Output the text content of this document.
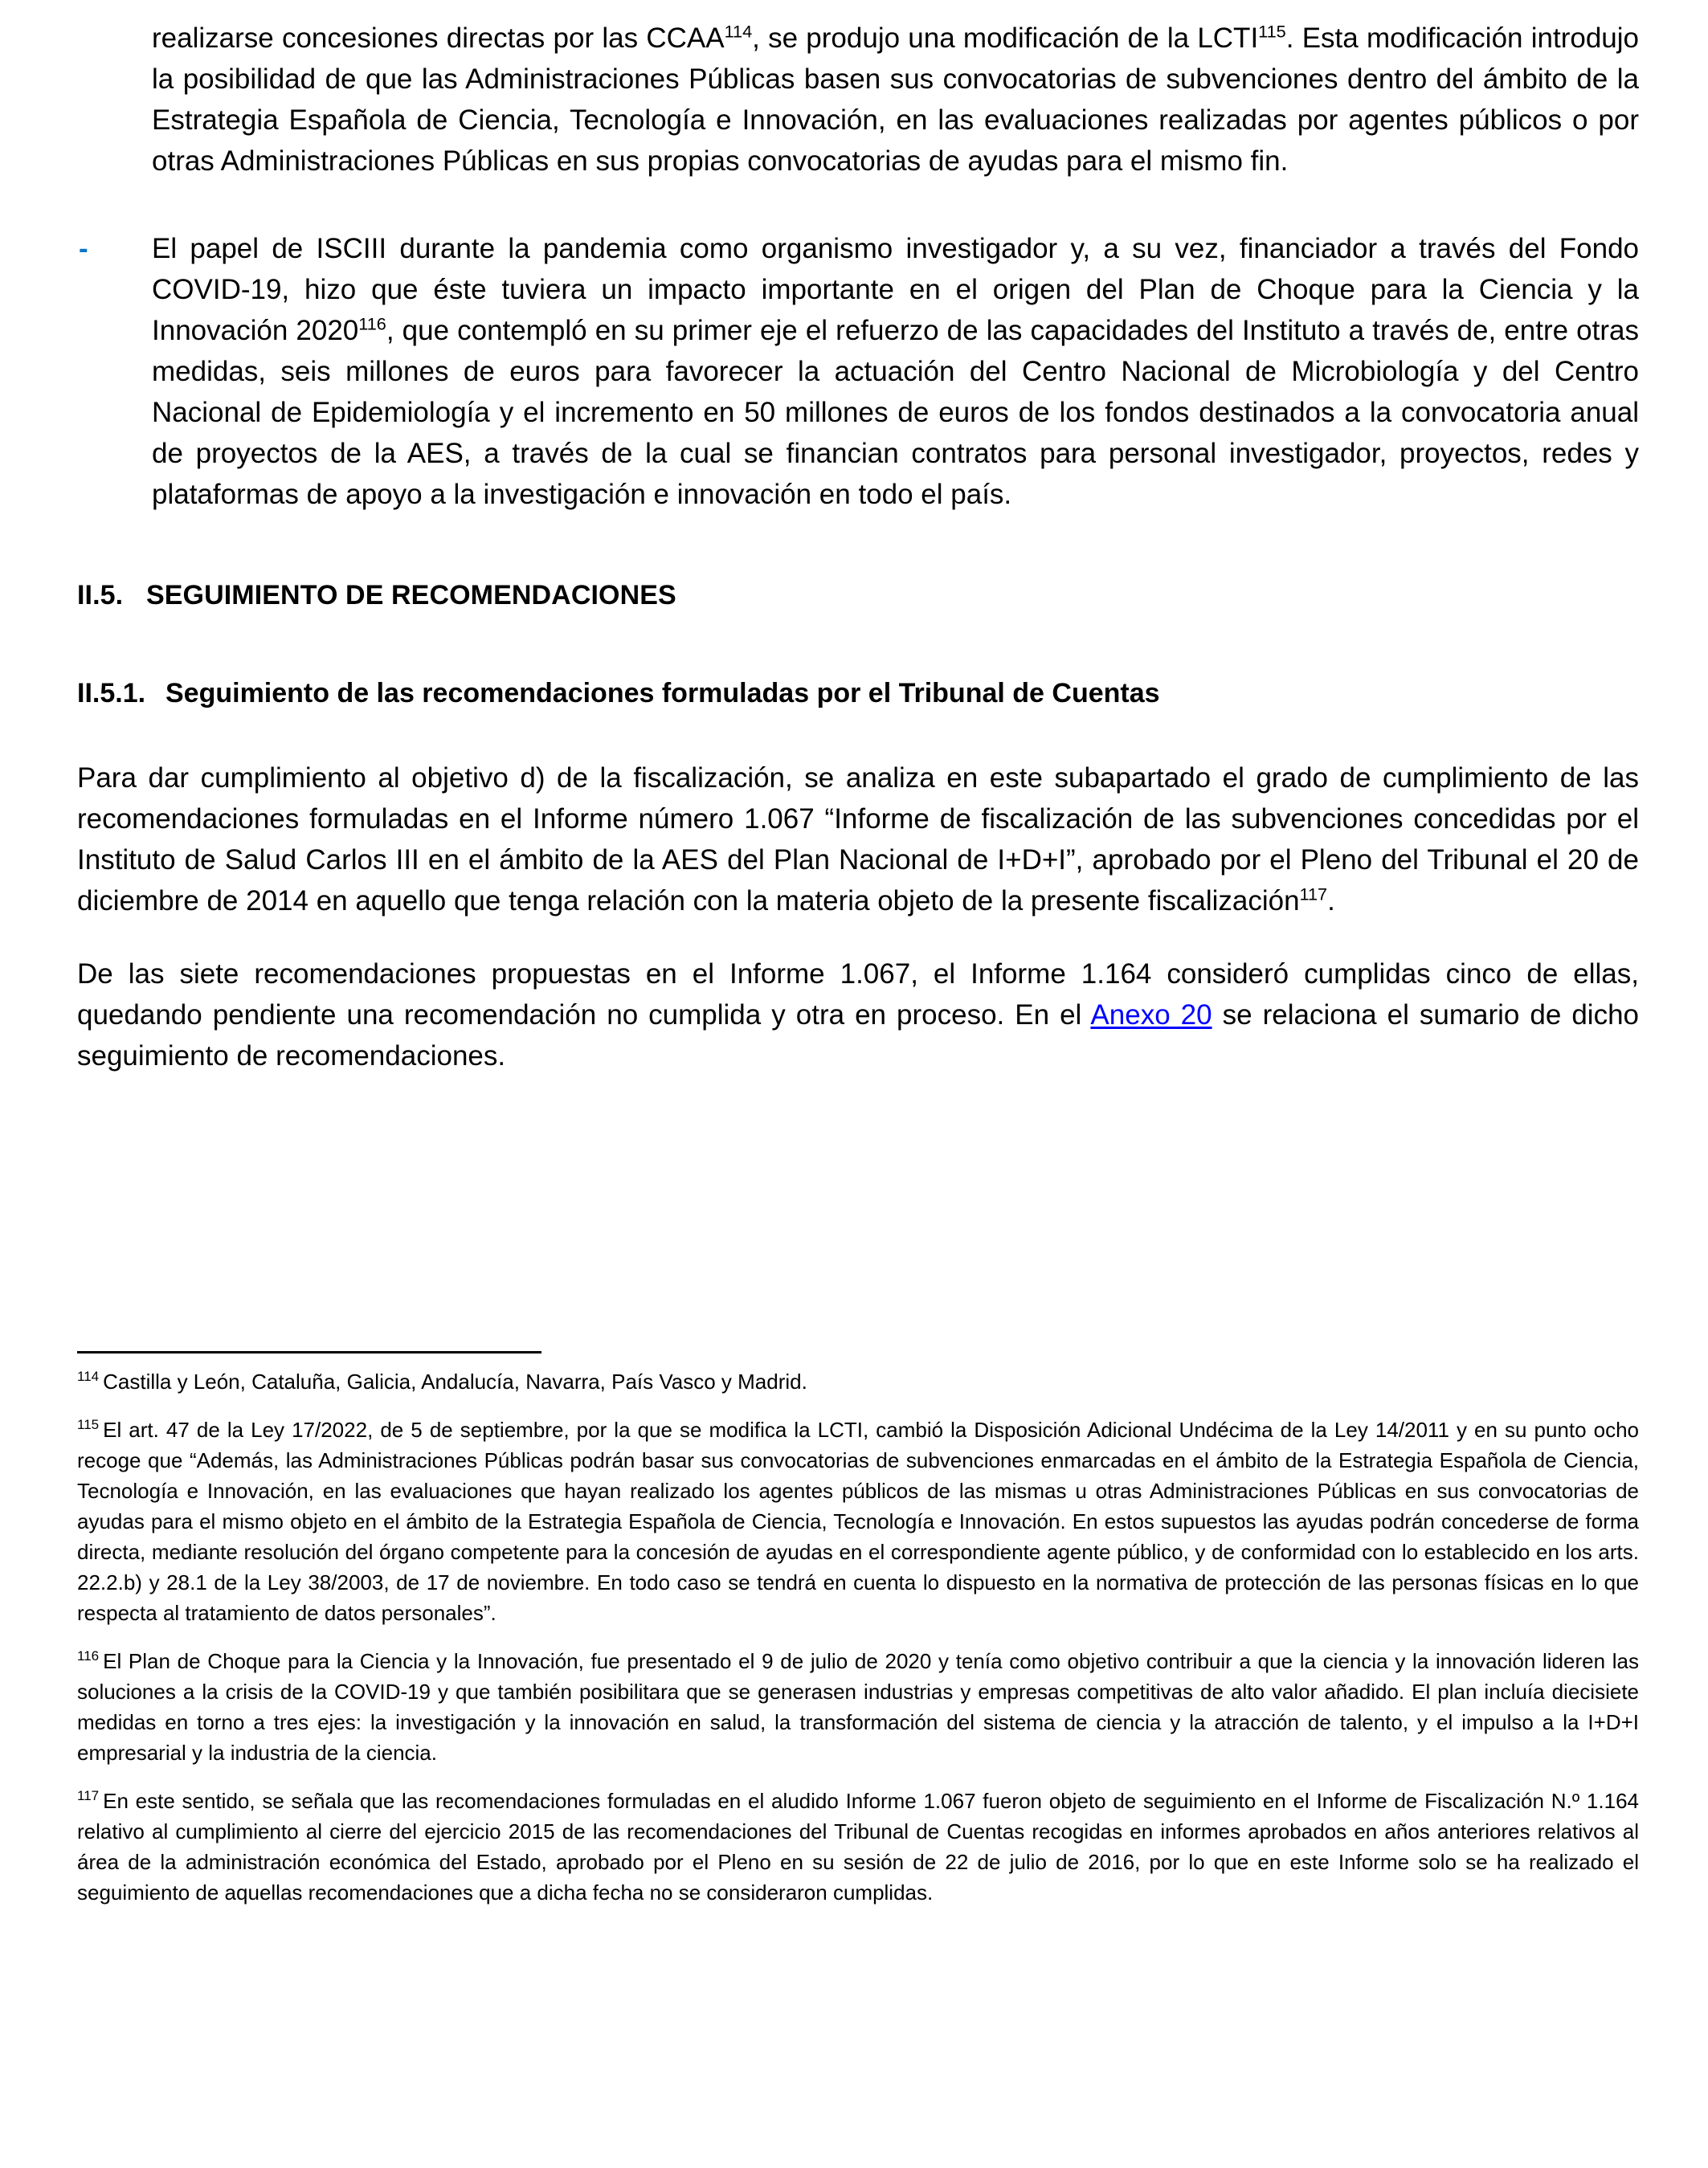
realizarse concesiones directas por las CCAA$^{114}$, se produjo una modificación de la LCTI$^{115}$. Esta modificación introdujo la posibilidad de que las Administraciones Públicas basen sus convocatorias de subvenciones dentro del ámbito de la Estrategia Española de Ciencia, Tecnología e Innovación, en las evaluaciones realizadas por agentes públicos o por otras Administraciones Públicas en sus propias convocatorias de ayudas para el mismo fin.

-	El papel de ISCIII durante la pandemia como organismo investigador y, a su vez, financiador a través del Fondo COVID-19, hizo que éste tuviera un impacto importante en el origen del Plan de Choque para la Ciencia y la Innovación 2020$^{116}$, que contempló en su primer eje el refuerzo de las capacidades del Instituto a través de, entre otras medidas, seis millones de euros para favorecer la actuación del Centro Nacional de Microbiología y del Centro Nacional de Epidemiología y el incremento en 50 millones de euros de los fondos destinados a la convocatoria anual de proyectos de la AES, a través de la cual se financian contratos para personal investigador, proyectos, redes y plataformas de apoyo a la investigación e innovación en todo el país.
II.5. SEGUIMIENTO DE RECOMENDACIONES
II.5.1. Seguimiento de las recomendaciones formuladas por el Tribunal de Cuentas

Para dar cumplimiento al objetivo d) de la fiscalización, se analiza en este subapartado el grado de cumplimiento de las recomendaciones formuladas en el Informe número 1.067 “Informe de fiscalización de las subvenciones concedidas por el Instituto de Salud Carlos III en el ámbito de la AES del Plan Nacional de I+D+I”, aprobado por el Pleno del Tribunal el 20 de diciembre de 2014 en aquello que tenga relación con la materia objeto de la presente fiscalización$^{117}$.

De las siete recomendaciones propuestas en el Informe 1.067, el Informe 1.164 consideró cumplidas cinco de ellas, quedando pendiente una recomendación no cumplida y otra en proceso. En el Anexo 20 se relaciona el sumario de dicho seguimiento de recomendaciones.

$^{114}$ Castilla y León, Cataluña, Galicia, Andalucía, Navarra, País Vasco y Madrid.

$^{115}$ El art. 47 de la Ley 17/2022, de 5 de septiembre, por la que se modifica la LCTI, cambió la Disposición Adicional Undécima de la Ley 14/2011 y en su punto ocho recoge que “Además, las Administraciones Públicas podrán basar sus convocatorias de subvenciones enmarcadas en el ámbito de la Estrategia Española de Ciencia, Tecnología e Innovación, en las evaluaciones que hayan realizado los agentes públicos de las mismas u otras Administraciones Públicas en sus convocatorias de ayudas para el mismo objeto en el ámbito de la Estrategia Española de Ciencia, Tecnología e Innovación. En estos supuestos las ayudas podrán concederse de forma directa, mediante resolución del órgano competente para la concesión de ayudas en el correspondiente agente público, y de conformidad con lo establecido en los arts. 22.2.b) y 28.1 de la Ley 38/2003, de 17 de noviembre. En todo caso se tendrá en cuenta lo dispuesto en la normativa de protección de las personas físicas en lo que respecta al tratamiento de datos personales”.

$^{116}$ El Plan de Choque para la Ciencia y la Innovación, fue presentado el 9 de julio de 2020 y tenía como objetivo contribuir a que la ciencia y la innovación lideren las soluciones a la crisis de la COVID-19 y que también posibilitara que se generasen industrias y empresas competitivas de alto valor añadido. El plan incluía diecisiete medidas en torno a tres ejes: la investigación y la innovación en salud, la transformación del sistema de ciencia y la atracción de talento, y el impulso a la I+D+I empresarial y la industria de la ciencia.

$^{117}$ En este sentido, se señala que las recomendaciones formuladas en el aludido Informe 1.067 fueron objeto de seguimiento en el Informe de Fiscalización N.º 1.164 relativo al cumplimiento al cierre del ejercicio 2015 de las recomendaciones del Tribunal de Cuentas recogidas en informes aprobados en años anteriores relativos al área de la administración económica del Estado, aprobado por el Pleno en su sesión de 22 de julio de 2016, por lo que en este Informe solo se ha realizado el seguimiento de aquellas recomendaciones que a dicha fecha no se consideraron cumplidas.
